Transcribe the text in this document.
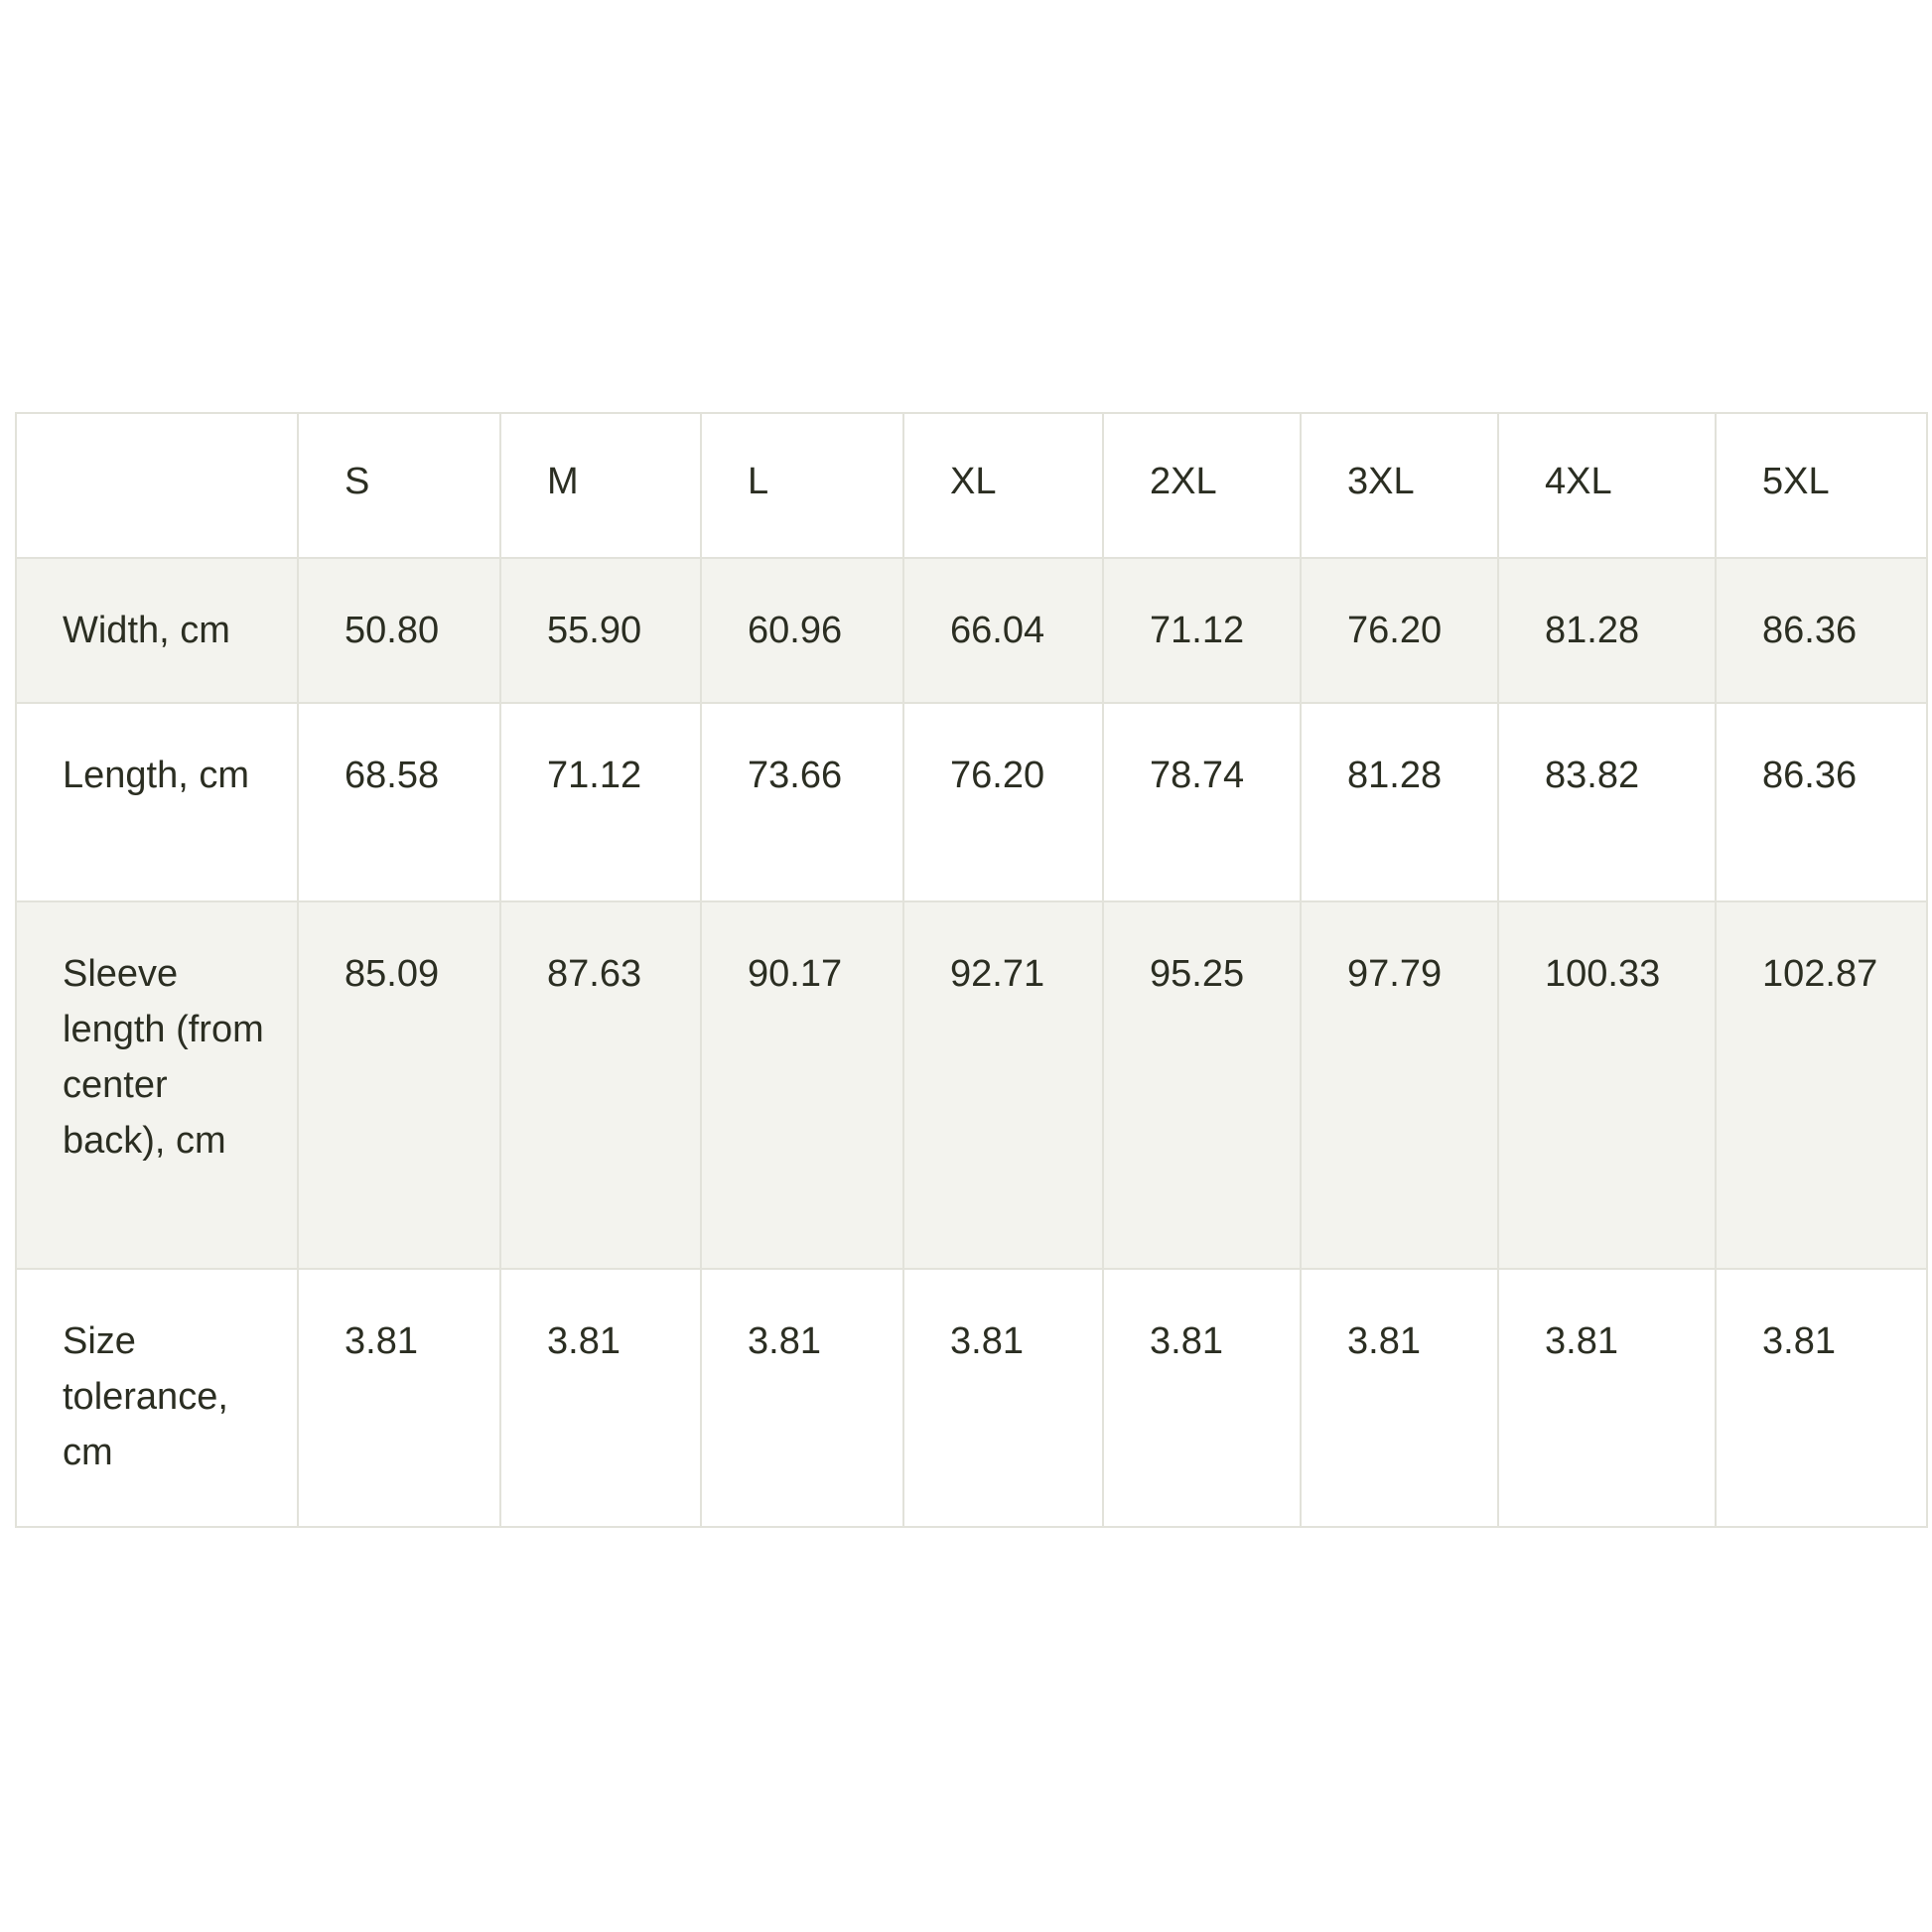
	S	M	L	XL	2XL	3XL	4XL	5XL
Width, cm	50.80	55.90	60.96	66.04	71.12	76.20	81.28	86.36
Length, cm	68.58	71.12	73.66	76.20	78.74	81.28	83.82	86.36
Sleeve length (from center back), cm	85.09	87.63	90.17	92.71	95.25	97.79	100.33	102.87
Size tolerance, cm	3.81	3.81	3.81	3.81	3.81	3.81	3.81	3.81
